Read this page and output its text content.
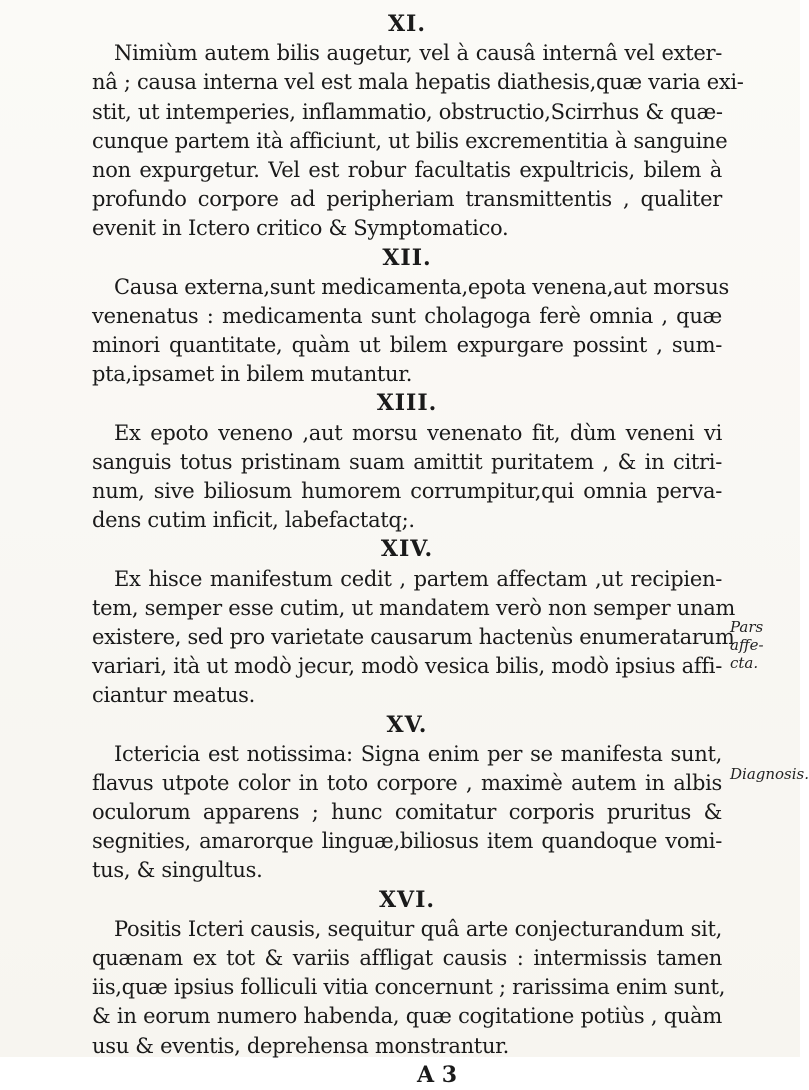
XI.
Nimiùm autem bilis augetur, vel à causâ internâ vel exter-
nâ ; causa interna vel est mala hepatis diathesis,quæ varia exi-
stit, ut intemperies, inflammatio, obstructio,Scirrhus & quæ-
cunque partem ità afficiunt, ut bilis excrementitia à sanguine
non expurgetur. Vel est robur facultatis expultricis, bilem à
profundo corpore ad peripheriam transmittentis , qualiter
evenit in Ictero critico & Symptomatico.
XII.
Causa externa,sunt medicamenta,epota venena,aut morsus
venenatus : medicamenta sunt cholagoga ferè omnia , quæ
minori quantitate, quàm ut bilem expurgare possint , sum-
pta,ipsamet in bilem mutantur.
XIII.
Ex epoto veneno ,aut morsu venenato fit, dùm veneni vi
sanguis totus pristinam suam amittit puritatem , & in citri-
num, sive biliosum humorem corrumpitur,qui omnia perva-
dens cutim inficit, labefactatq;.
XIV.
Ex hisce manifestum cedit , partem affectam ,ut recipien-
tem, semper esse cutim, ut mandatem verò non semper unam
existere, sed pro varietate causarum hactenùs enumeratarum
variari, ità ut modò jecur, modò vesica bilis, modò ipsius affi-
ciantur meatus.
XV.
Ictericia est notissima: Signa enim per se manifesta sunt,
flavus utpote color in toto corpore , maximè autem in albis
oculorum apparens ; hunc comitatur corporis pruritus &
segnities, amarorque linguæ,biliosus item quandoque vomi-
tus, & singultus.
XVI.
Positis Icteri causis, sequitur quâ arte conjecturandum sit,
quænam ex tot & variis affligat causis : intermissis tamen
iis,quæ ipsius folliculi vitia concernunt ; rarissima enim sunt,
& in eorum numero habenda, quæ cogitatione potiùs , quàm
usu & eventis, deprehensa monstrantur.
A 3
Pars affe- cta.
Diagnosis.
